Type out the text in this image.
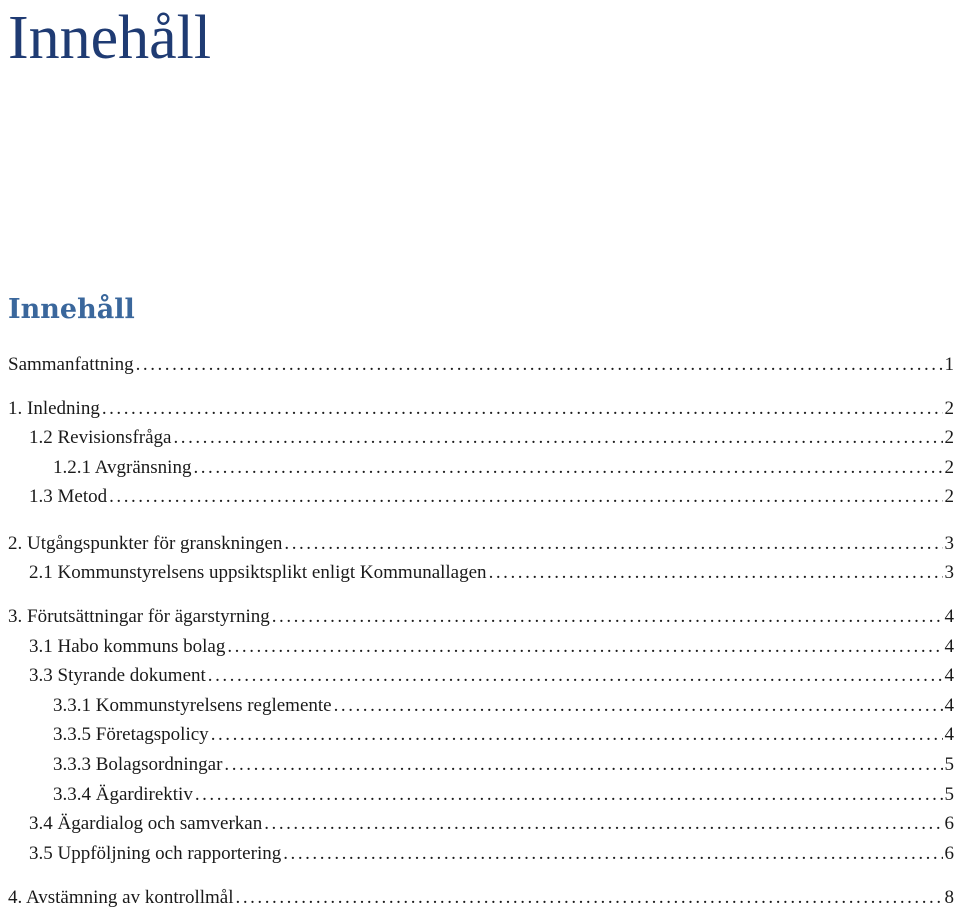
Innehåll
Innehåll
Sammanfattning . . .	1
1. Inledning . . .	2
1.2 Revisionsfråga . . .	2
1.2.1 Avgränsning . . .	2
1.3 Metod . . .	2
2. Utgångspunkter för granskningen . . .	3
2.1 Kommunstyrelsens uppsiktsplikt enligt Kommunallagen . . .	3
3. Förutsättningar för ägarstyrning . . .	4
3.1 Habo kommuns bolag . . .	4
3.3 Styrande dokument . . .	4
3.3.1 Kommunstyrelsens reglemente . . .	4
3.3.5 Företagspolicy . . .	4
3.3.3 Bolagsordningar . . .	5
3.3.4 Ägardirektiv . . .	5
3.4 Ägardialog och samverkan . . .	6
3.5 Uppföljning och rapportering . . .	6
4. Avstämning av kontrollmål . . .	8
